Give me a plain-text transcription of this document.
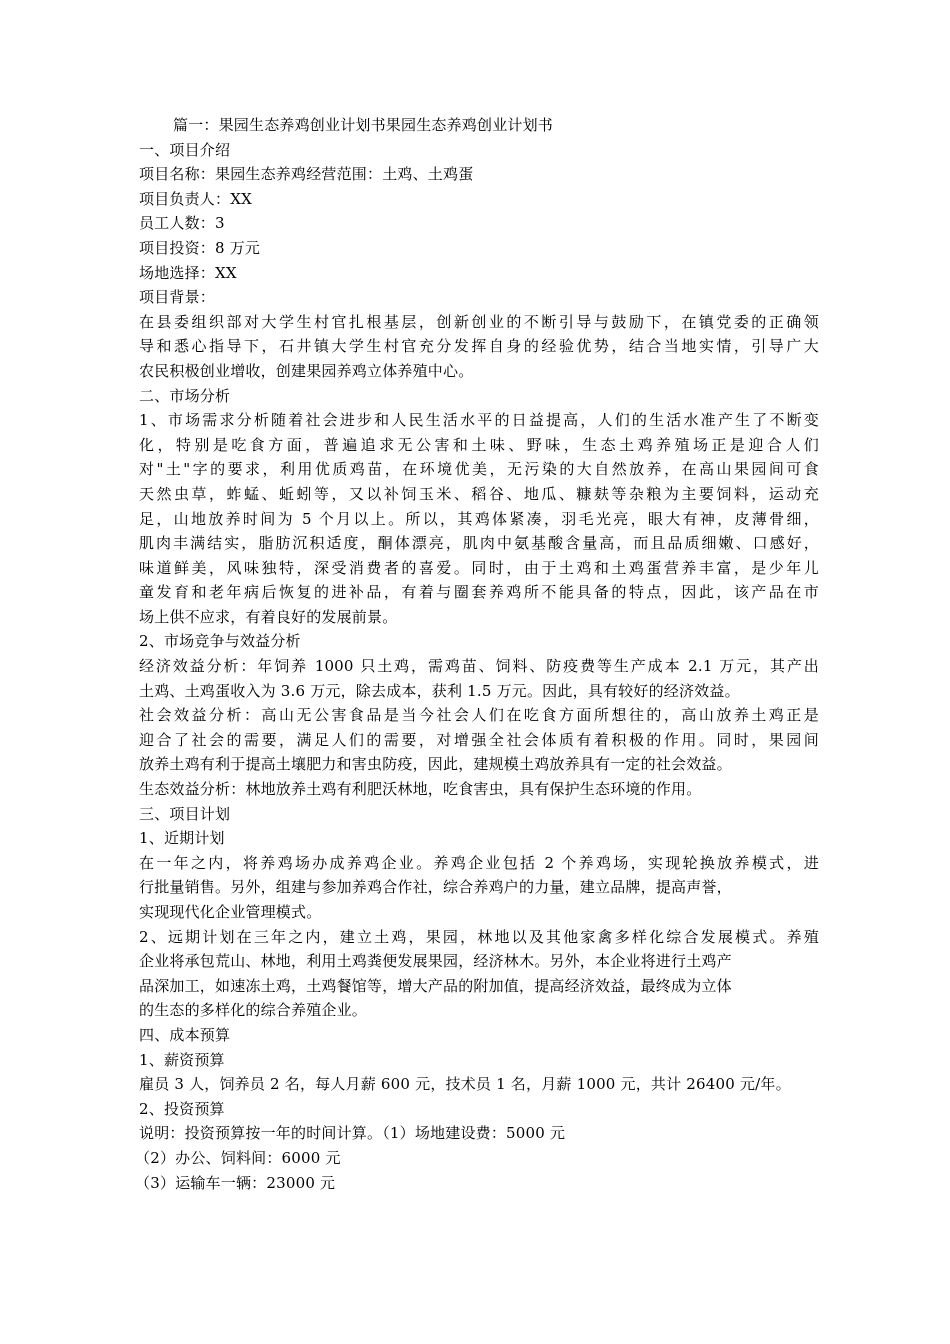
篇一：果园生态养鸡创业计划书果园生态养鸡创业计划书
一、项目介绍
项目名称：果园生态养鸡经营范围：土鸡、土鸡蛋
项目负责人：XX
员工人数：3
项目投资：8 万元
场地选择：XX
项目背景：
在县委组织部对大学生村官扎根基层，创新创业的不断引导与鼓励下，在镇党委的正确领
导和悉心指导下，石井镇大学生村官充分发挥自身的经验优势，结合当地实情，引导广大
农民积极创业增收，创建果园养鸡立体养殖中心。
二、市场分析
1、市场需求分析随着社会进步和人民生活水平的日益提高，人们的生活水准产生了不断变
化，特别是吃食方面，普遍追求无公害和土味、野味，生态土鸡养殖场正是迎合人们
对"土"字的要求，利用优质鸡苗，在环境优美，无污染的大自然放养，在高山果园间可食
天然虫草，蚱蜢、蚯蚓等，又以补饲玉米、稻谷、地瓜、糠麸等杂粮为主要饲料，运动充
足，山地放养时间为 5 个月以上。所以，其鸡体紧凑，羽毛光亮，眼大有神，皮薄骨细，
肌肉丰满结实，脂肪沉积适度，酮体漂亮，肌肉中氨基酸含量高，而且品质细嫩、口感好，
味道鲜美，风味独特，深受消费者的喜爱。同时，由于土鸡和土鸡蛋营养丰富，是少年儿
童发育和老年病后恢复的进补品，有着与圈套养鸡所不能具备的特点，因此，该产品在市
场上供不应求，有着良好的发展前景。
2、市场竞争与效益分析
经济效益分析：年饲养 1000 只土鸡，需鸡苗、饲料、防疫费等生产成本 2.1 万元，其产出
土鸡、土鸡蛋收入为 3.6 万元，除去成本，获利 1.5 万元。因此，具有较好的经济效益。
社会效益分析：高山无公害食品是当今社会人们在吃食方面所想往的，高山放养土鸡正是
迎合了社会的需要，满足人们的需要，对增强全社会体质有着积极的作用。同时，果园间
放养土鸡有利于提高土壤肥力和害虫防疫，因此，建规模土鸡放养具有一定的社会效益。
生态效益分析：林地放养土鸡有利肥沃林地，吃食害虫，具有保护生态环境的作用。
三、项目计划
1、近期计划
在一年之内，将养鸡场办成养鸡企业。养鸡企业包括 2 个养鸡场，实现轮换放养模式，进
行批量销售。另外，组建与参加养鸡合作社，综合养鸡户的力量，建立品牌，提高声誉，
实现现代化企业管理模式。
2、远期计划在三年之内，建立土鸡，果园，林地以及其他家禽多样化综合发展模式。养殖
企业将承包荒山、林地，利用土鸡粪便发展果园，经济林木。另外，本企业将进行土鸡产
品深加工，如速冻土鸡，土鸡餐馆等，增大产品的附加值，提高经济效益，最终成为立体
的生态的多样化的综合养殖企业。
四、成本预算
1、薪资预算
雇员 3 人，饲养员 2 名，每人月薪 600 元，技术员 1 名，月薪 1000 元，共计 26400 元/年。
2、投资预算
说明：投资预算按一年的时间计算。（1）场地建设费：5000 元
（2）办公、饲料间：6000 元
（3）运输车一辆：23000 元
